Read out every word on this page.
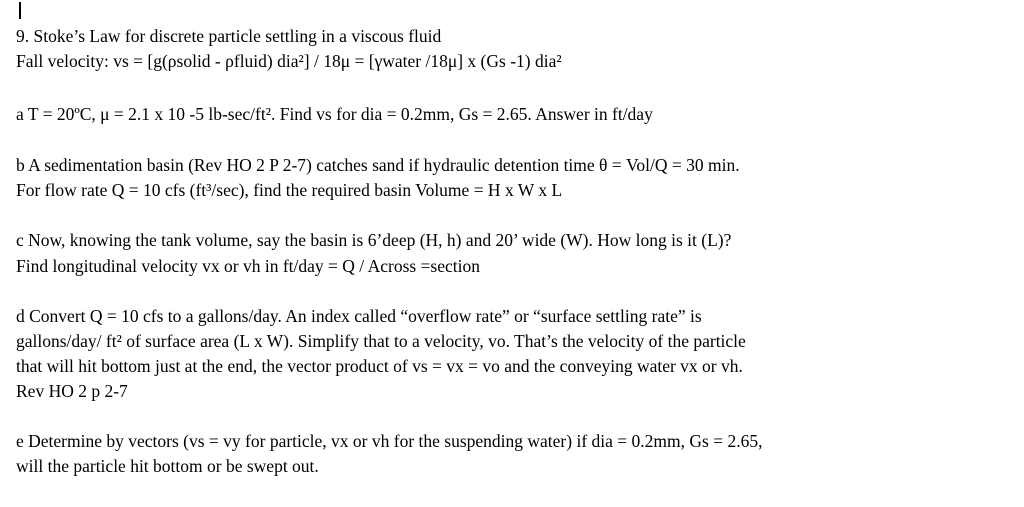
9. Stoke’s Law for discrete particle settling in a viscous fluid
Fall velocity: vs = [g(ρsolid - ρfluid) dia²] / 18μ = [γwater /18μ] x (Gs -1) dia²
a T = 20ºC, μ = 2.1 x 10 -5 lb-sec/ft². Find vs for dia = 0.2mm, Gs = 2.65. Answer in ft/day
b A sedimentation basin (Rev HO 2 P 2-7) catches sand if hydraulic detention time θ = Vol/Q = 30 min.
For flow rate Q = 10 cfs (ft³/sec), find the required basin Volume = H x W x L
c Now, knowing the tank volume, say the basin is 6’deep (H, h) and 20’ wide (W). How long is it (L)?
Find longitudinal velocity vx or vh in ft/day = Q / Across =section
d Convert Q = 10 cfs to a gallons/day. An index called “overflow rate” or “surface settling rate” is
gallons/day/ ft² of surface area (L x W). Simplify that to a velocity, vo. That’s the velocity of the particle
that will hit bottom just at the end, the vector product of vs = vx = vo and the conveying water vx or vh.
Rev HO 2 p 2-7
e Determine by vectors (vs = vy for particle, vx or vh for the suspending water) if dia = 0.2mm, Gs = 2.65,
will the particle hit bottom or be swept out.
